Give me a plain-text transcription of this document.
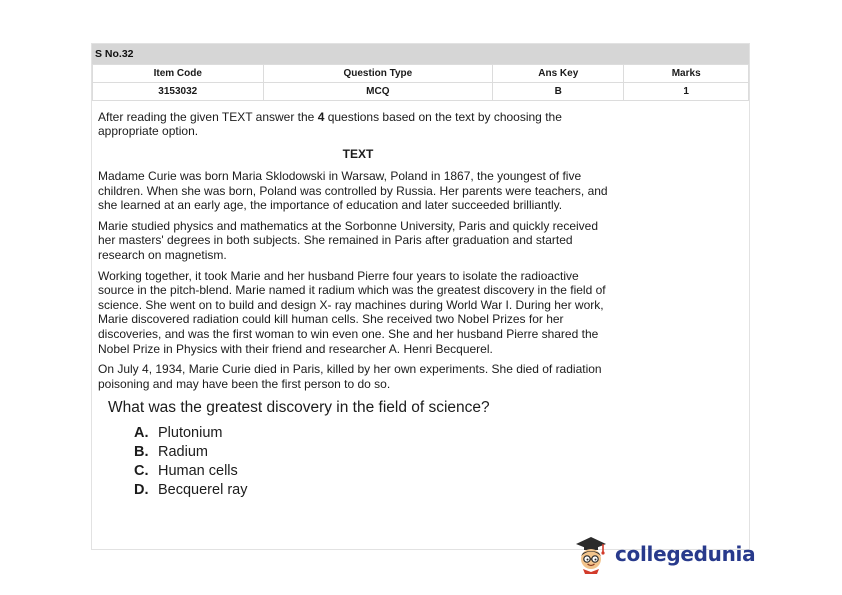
S No.32
Item Code	Question Type	Ans Key	Marks
3153032	MCQ	B	1

After reading the given TEXT answer the 4 questions based on the text by choosing the appropriate option.

TEXT

Madame Curie was born Maria Sklodowski in Warsaw, Poland in 1867, the youngest of five children. When she was born, Poland was controlled by Russia. Her parents were teachers, and she learned at an early age, the importance of education and later succeeded brilliantly.

Marie studied physics and mathematics at the Sorbonne University, Paris and quickly received her masters' degrees in both subjects. She remained in Paris after graduation and started research on magnetism.

Working together, it took Marie and her husband Pierre four years to isolate the radioactive source in the pitch-blend. Marie named it radium which was the greatest discovery in the field of science. She went on to build and design X- ray machines during World War I. During her work, Marie discovered radiation could kill human cells. She received two Nobel Prizes for her discoveries, and was the first woman to win even one. She and her husband Pierre shared the Nobel Prize in Physics with their friend and researcher A. Henri Becquerel.

On July 4, 1934, Marie Curie died in Paris, killed by her own experiments. She died of radiation poisoning and may have been the first person to do so.

What was the greatest discovery in the field of science?
A. Plutonium
B. Radium
C. Human cells
D. Becquerel ray
collegedunia
